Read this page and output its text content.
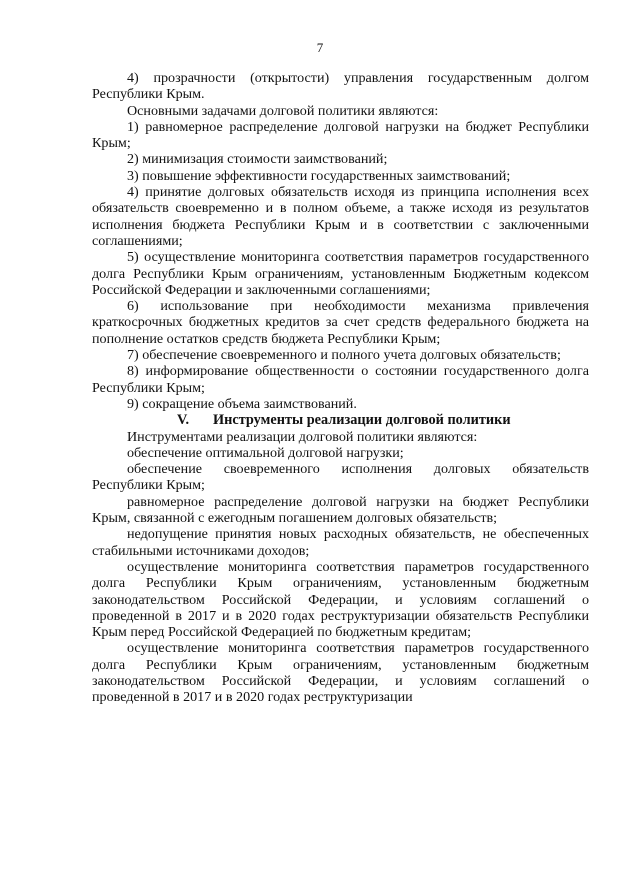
7

4) прозрачности (открытости) управления государственным долгом Республики Крым.

Основными задачами долговой политики являются:

1) равномерное распределение долговой нагрузки на бюджет Республики Крым;

2) минимизация стоимости заимствований;

3) повышение эффективности государственных заимствований;

4) принятие долговых обязательств исходя из принципа исполнения всех обязательств своевременно и в полном объеме, а также исходя из результатов исполнения бюджета Республики Крым и в соответствии с заключенными соглашениями;

5) осуществление мониторинга соответствия параметров государственного долга Республики Крым ограничениям, установленным Бюджетным кодексом Российской Федерации и заключенными соглашениями;

6) использование при необходимости механизма привлечения краткосрочных бюджетных кредитов за счет средств федерального бюджета на пополнение остатков средств бюджета Республики Крым;

7) обеспечение своевременного и полного учета долговых обязательств;

8) информирование общественности о состоянии государственного долга Республики Крым;

9) сокращение объема заимствований.

V. Инструменты реализации долговой политики

Инструментами реализации долговой политики являются:

обеспечение оптимальной долговой нагрузки;

обеспечение своевременного исполнения долговых обязательств Республики Крым;

равномерное распределение долговой нагрузки на бюджет Республики Крым, связанной с ежегодным погашением долговых обязательств;

недопущение принятия новых расходных обязательств, не обеспеченных стабильными источниками доходов;

осуществление мониторинга соответствия параметров государственного долга Республики Крым ограничениям, установленным бюджетным законодательством Российской Федерации, и условиям соглашений о проведенной в 2017 и в 2020 годах реструктуризации обязательств Республики Крым перед Российской Федерацией по бюджетным кредитам;

осуществление мониторинга соответствия параметров государственного долга Республики Крым ограничениям, установленным бюджетным законодательством Российской Федерации, и условиям соглашений о проведенной в 2017 и в 2020 годах реструктуризации
